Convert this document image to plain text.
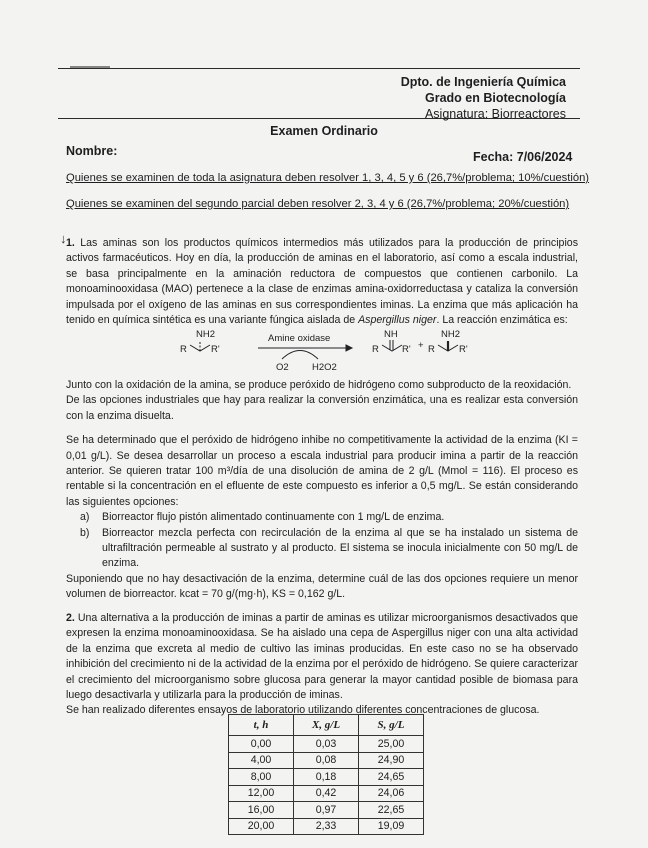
Dpto. de Ingeniería Química
Grado en Biotecnología
Asignatura: Biorreactores
Examen Ordinario
Nombre:	Fecha: 7/06/2024
Quienes se examinen de toda la asignatura deben resolver 1, 3, 4, 5 y 6 (26,7%/problema; 10%/cuestión)
Quienes se examinen del segundo parcial deben resolver 2, 3, 4 y 6 (26,7%/problema; 20%/cuestión)
↓ 1. Las aminas son los productos químicos intermedios más utilizados para la producción de principios activos farmacéuticos. Hoy en día, la producción de aminas en el laboratorio, así como a escala industrial, se basa principalmente en la aminación reductora de compuestos que contienen carbonilo. La monoaminooxidasa (MAO) pertenece a la clase de enzimas amina-oxidorreductasa y cataliza la conversión impulsada por el oxígeno de las aminas en sus correspondientes iminas. La enzima que más aplicación ha tenido en química sintética es una variante fúngica aislada de Aspergillus niger. La reacción enzimática es:

NH2
R	R'
Amine oxidase
O2 H2O2
NH
R R' +
NH2
R	R'

Junto con la oxidación de la amina, se produce peróxido de hidrógeno como subproducto de la reoxidación.

De las opciones industriales que hay para realizar la conversión enzimática, una es realizar esta conversión con la enzima disuelta.

Se ha determinado que el peróxido de hidrógeno inhibe no competitivamente la actividad de la enzima (KI = 0,01 g/L). Se desea desarrollar un proceso a escala industrial para producir imina a partir de la reacción anterior. Se quieren tratar 100 m³/día de una disolución de amina de 2 g/L (Mmol = 116). El proceso es rentable si la concentración en el efluente de este compuesto es inferior a 0,5 mg/L. Se están considerando las siguientes opciones:

a) Biorreactor flujo pistón alimentado continuamente con 1 mg/L de enzima.
b) Biorreactor mezcla perfecta con recirculación de la enzima al que se ha instalado un sistema de ultrafiltración permeable al sustrato y al producto. El sistema se inocula inicialmente con 50 mg/L de enzima.

Suponiendo que no hay desactivación de la enzima, determine cuál de las dos opciones requiere un menor volumen de biorreactor. kcat = 70 g/(mg·h), KS = 0,162 g/L.

2. Una alternativa a la producción de iminas a partir de aminas es utilizar microorganismos desactivados que expresen la enzima monoaminooxidasa. Se ha aislado una cepa de Aspergillus niger con una alta actividad de la enzima que excreta al medio de cultivo las iminas producidas. En este caso no se ha observado inhibición del crecimiento ni de la actividad de la enzima por el peróxido de hidrógeno. Se quiere caracterizar el crecimiento del microorganismo sobre glucosa para generar la mayor cantidad posible de biomasa para luego desactivarla y utilizarla para la producción de iminas.

Se han realizado diferentes ensayos de laboratorio utilizando diferentes concentraciones de glucosa.

t, h	X, g/L	S, g/L
0,00	0,03	25,00
4,00	0,08	24,90
8,00	0,18	24,65
12,00	0,42	24,06
16,00	0,97	22,65
20,00	2,33	19,09
